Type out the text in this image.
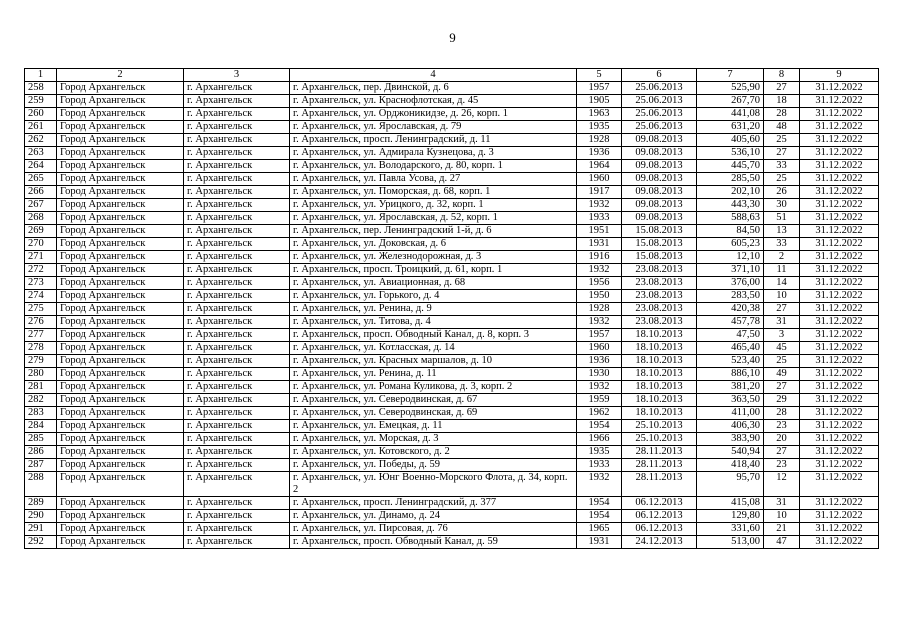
9
1	2	3	4	5	6	7	8	9
258	Город Архангельск	г. Архангельск	г. Архангельск, пер. Двинской, д. 6	1957	25.06.2013	525,90	27	31.12.2022
259	Город Архангельск	г. Архангельск	г. Архангельск, ул. Краснофлотская, д. 45	1905	25.06.2013	267,70	18	31.12.2022
260	Город Архангельск	г. Архангельск	г. Архангельск, ул. Орджоникидзе, д. 26, корп. 1	1963	25.06.2013	441,08	28	31.12.2022
261	Город Архангельск	г. Архангельск	г. Архангельск, ул. Ярославская, д. 79	1935	25.06.2013	631,20	48	31.12.2022
262	Город Архангельск	г. Архангельск	г. Архангельск, просп. Ленинградский, д. 11	1928	09.08.2013	405,60	25	31.12.2022
263	Город Архангельск	г. Архангельск	г. Архангельск, ул. Адмирала Кузнецова, д. 3	1936	09.08.2013	536,10	27	31.12.2022
264	Город Архангельск	г. Архангельск	г. Архангельск, ул. Володарского, д. 80, корп. 1	1964	09.08.2013	445,70	33	31.12.2022
265	Город Архангельск	г. Архангельск	г. Архангельск, ул. Павла Усова, д. 27	1960	09.08.2013	285,50	25	31.12.2022
266	Город Архангельск	г. Архангельск	г. Архангельск, ул. Поморская, д. 68, корп. 1	1917	09.08.2013	202,10	26	31.12.2022
267	Город Архангельск	г. Архангельск	г. Архангельск, ул. Урицкого, д. 32, корп. 1	1932	09.08.2013	443,30	30	31.12.2022
268	Город Архангельск	г. Архангельск	г. Архангельск, ул. Ярославская, д. 52, корп. 1	1933	09.08.2013	588,63	51	31.12.2022
269	Город Архангельск	г. Архангельск	г. Архангельск, пер. Ленинградский 1-й, д. 6	1951	15.08.2013	84,50	13	31.12.2022
270	Город Архангельск	г. Архангельск	г. Архангельск, ул. Доковская, д. 6	1931	15.08.2013	605,23	33	31.12.2022
271	Город Архангельск	г. Архангельск	г. Архангельск, ул. Железнодорожная, д. 3	1916	15.08.2013	12,10	2	31.12.2022
272	Город Архангельск	г. Архангельск	г. Архангельск, просп. Троицкий, д. 61, корп. 1	1932	23.08.2013	371,10	11	31.12.2022
273	Город Архангельск	г. Архангельск	г. Архангельск, ул. Авиационная, д. 68	1956	23.08.2013	376,00	14	31.12.2022
274	Город Архангельск	г. Архангельск	г. Архангельск, ул. Горького, д. 4	1950	23.08.2013	283,50	10	31.12.2022
275	Город Архангельск	г. Архангельск	г. Архангельск, ул. Ренина, д. 9	1928	23.08.2013	420,38	27	31.12.2022
276	Город Архангельск	г. Архангельск	г. Архангельск, ул. Титова, д. 4	1932	23.08.2013	457,78	31	31.12.2022
277	Город Архангельск	г. Архангельск	г. Архангельск, просп. Обводный Канал, д. 8, корп. 3	1957	18.10.2013	47,50	3	31.12.2022
278	Город Архангельск	г. Архангельск	г. Архангельск, ул. Котласская, д. 14	1960	18.10.2013	465,40	45	31.12.2022
279	Город Архангельск	г. Архангельск	г. Архангельск, ул. Красных маршалов, д. 10	1936	18.10.2013	523,40	25	31.12.2022
280	Город Архангельск	г. Архангельск	г. Архангельск, ул. Ренина, д. 11	1930	18.10.2013	886,10	49	31.12.2022
281	Город Архангельск	г. Архангельск	г. Архангельск, ул. Романа Куликова, д. 3, корп. 2	1932	18.10.2013	381,20	27	31.12.2022
282	Город Архангельск	г. Архангельск	г. Архангельск, ул. Северодвинская, д. 67	1959	18.10.2013	363,50	29	31.12.2022
283	Город Архангельск	г. Архангельск	г. Архангельск, ул. Северодвинская, д. 69	1962	18.10.2013	411,00	28	31.12.2022
284	Город Архангельск	г. Архангельск	г. Архангельск, ул. Емецкая, д. 11	1954	25.10.2013	406,30	23	31.12.2022
285	Город Архангельск	г. Архангельск	г. Архангельск, ул. Морская, д. 3	1966	25.10.2013	383,90	20	31.12.2022
286	Город Архангельск	г. Архангельск	г. Архангельск, ул. Котовского, д. 2	1935	28.11.2013	540,94	27	31.12.2022
287	Город Архангельск	г. Архангельск	г. Архангельск, ул. Победы, д. 59	1933	28.11.2013	418,40	23	31.12.2022
288	Город Архангельск	г. Архангельск	г. Архангельск, ул. Юнг Военно-Морского Флота, д. 34, корп. 2	1932	28.11.2013	95,70	12	31.12.2022
289	Город Архангельск	г. Архангельск	г. Архангельск, просп. Ленинградский, д. 377	1954	06.12.2013	415,08	31	31.12.2022
290	Город Архангельск	г. Архангельск	г. Архангельск, ул. Динамо, д. 24	1954	06.12.2013	129,80	10	31.12.2022
291	Город Архангельск	г. Архангельск	г. Архангельск, ул. Пирсовая, д. 76	1965	06.12.2013	331,60	21	31.12.2022
292	Город Архангельск	г. Архангельск	г. Архангельск, просп. Обводный Канал, д. 59	1931	24.12.2013	513,00	47	31.12.2022
